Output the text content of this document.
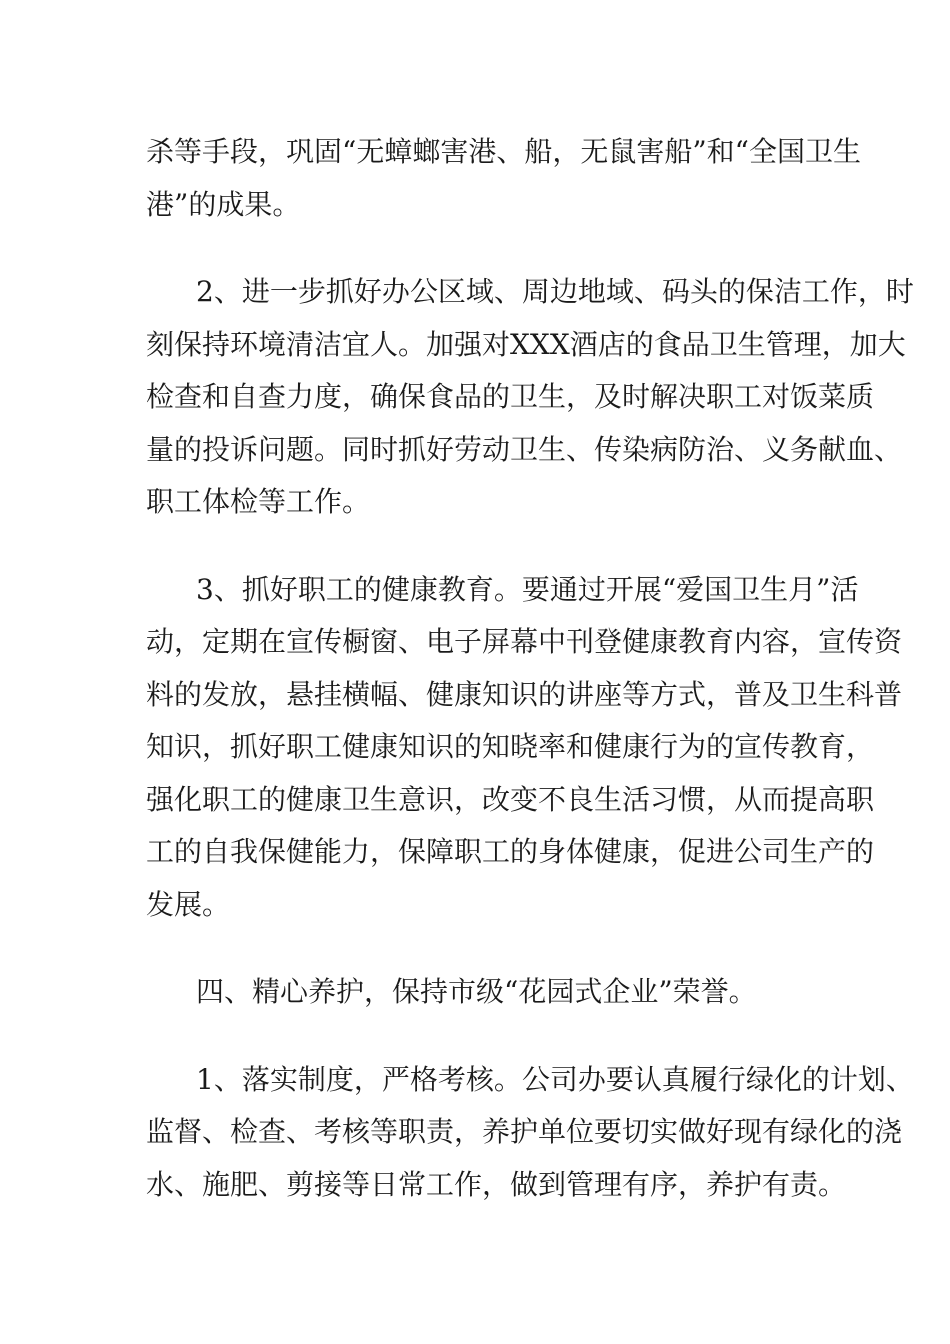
杀等手段，巩固“无蟑螂害港、船，无鼠害船”和“全国卫生
港”的成果。

2、进一步抓好办公区域、周边地域、码头的保洁工作，时
刻保持环境清洁宜人。加强对XXX酒店的食品卫生管理，加大
检查和自查力度，确保食品的卫生，及时解决职工对饭菜质
量的投诉问题。同时抓好劳动卫生、传染病防治、义务献血、
职工体检等工作。

3、抓好职工的健康教育。要通过开展“爱国卫生月”活
动，定期在宣传橱窗、电子屏幕中刊登健康教育内容，宣传资
料的发放，悬挂横幅、健康知识的讲座等方式，普及卫生科普
知识，抓好职工健康知识的知晓率和健康行为的宣传教育，
强化职工的健康卫生意识，改变不良生活习惯，从而提高职
工的自我保健能力，保障职工的身体健康，促进公司生产的
发展。

四、精心养护，保持市级“花园式企业”荣誉。

1、落实制度，严格考核。公司办要认真履行绿化的计划、
监督、检查、考核等职责，养护单位要切实做好现有绿化的浇
水、施肥、剪接等日常工作，做到管理有序，养护有责。
